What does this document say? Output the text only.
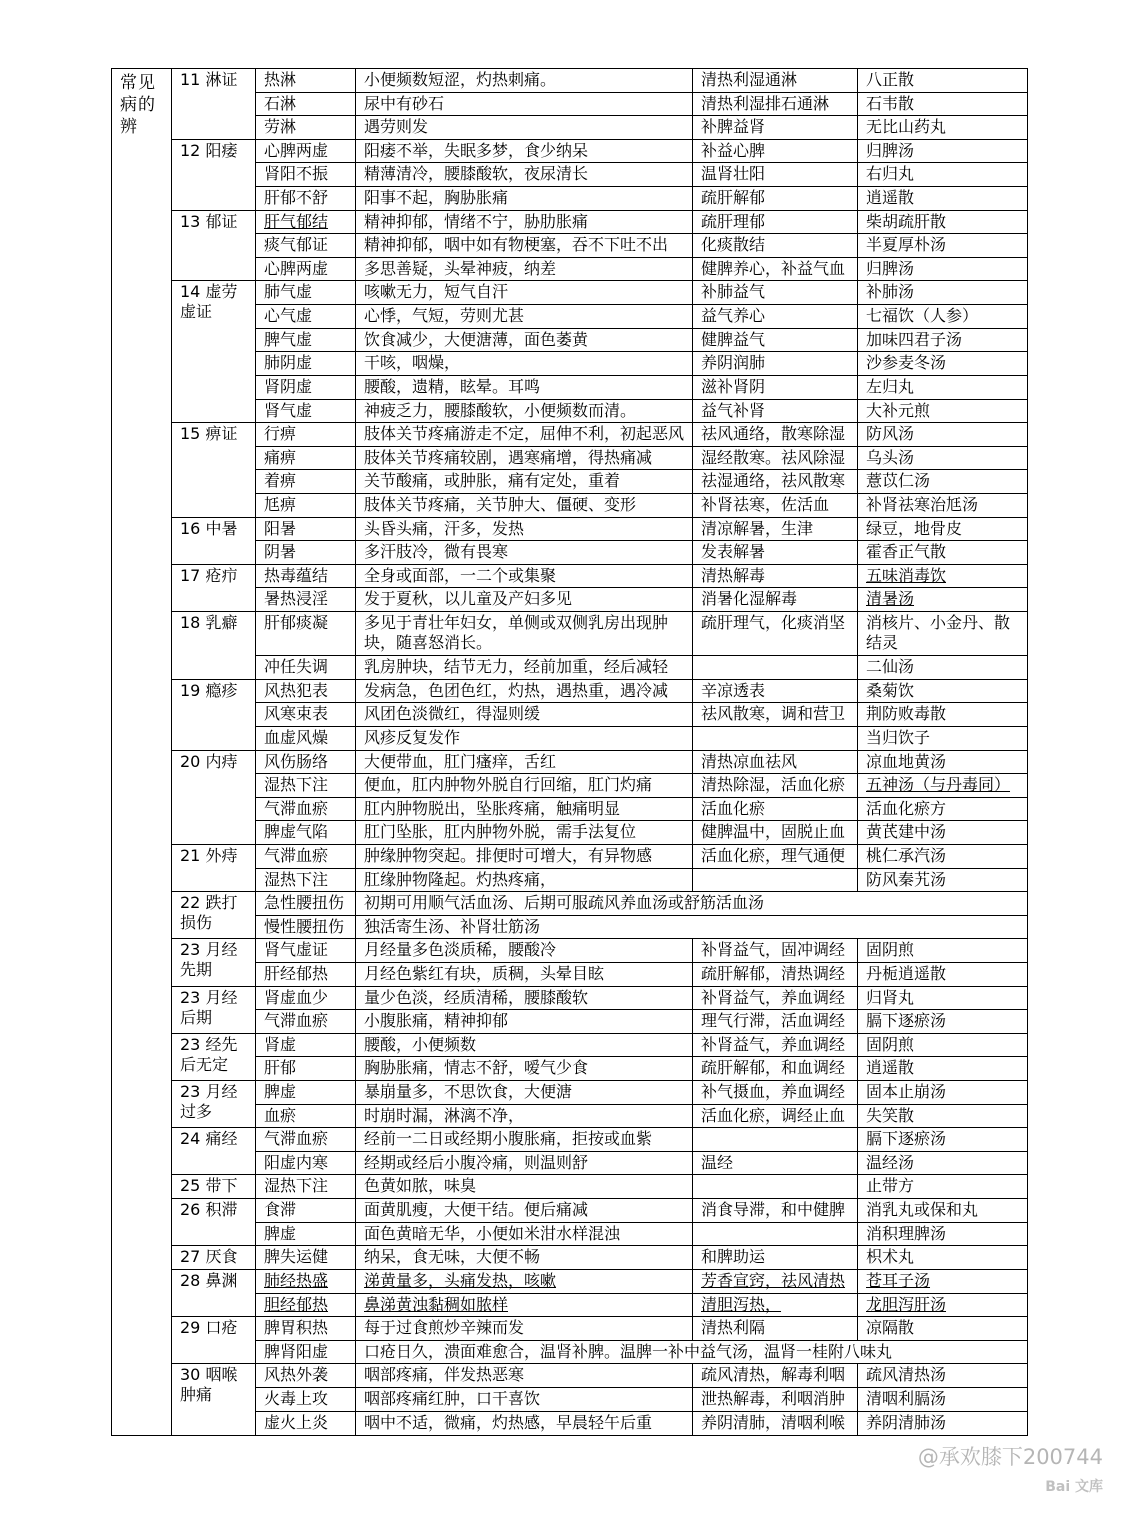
常见病的辨	11 淋证	热淋	小便频数短涩，灼热刺痛。	清热利湿通淋	八正散
		石淋	尿中有砂石	清热利湿排石通淋	石韦散
		劳淋	遇劳则发	补脾益肾	无比山药丸
	12 阳痿	心脾两虚	阳痿不举，失眠多梦，食少纳呆	补益心脾	归脾汤
		肾阳不振	精薄清冷，腰膝酸软，夜尿清长	温肾壮阳	右归丸
		肝郁不舒	阳事不起，胸胁胀痛	疏肝解郁	逍遥散
	13 郁证	肝气郁结	精神抑郁，情绪不宁，胁肋胀痛	疏肝理郁	柴胡疏肝散
		痰气郁证	精神抑郁，咽中如有物梗塞，吞不下吐不出	化痰散结	半夏厚朴汤
		心脾两虚	多思善疑，头晕神疲，纳差	健脾养心，补益气血	归脾汤
	14 虚劳虚证	肺气虚	咳嗽无力，短气自汗	补肺益气	补肺汤
		心气虚	心悸，气短，劳则尤甚	益气养心	七福饮（人参）
		脾气虚	饮食减少，大便溏薄，面色萎黄	健脾益气	加味四君子汤
		肺阴虚	干咳，咽燥，	养阴润肺	沙参麦冬汤
		肾阴虚	腰酸，遗精，眩晕。耳鸣	滋补肾阴	左归丸
		肾气虚	神疲乏力，腰膝酸软，小便频数而清。	益气补肾	大补元煎
	15 痹证	行痹	肢体关节疼痛游走不定，屈伸不利，初起恶风	祛风通络，散寒除湿	防风汤
		痛痹	肢体关节疼痛较剧，遇寒痛增，得热痛减	湿经散寒。祛风除湿	乌头汤
		着痹	关节酸痛，或肿胀，痛有定处，重着	祛湿通络，祛风散寒	薏苡仁汤
		尪痹	肢体关节疼痛，关节肿大、僵硬、变形	补肾祛寒，佐活血	补肾祛寒治尪汤
	16 中暑	阳暑	头昏头痛，汗多，发热	清凉解暑，生津	绿豆，地骨皮
		阴暑	多汗肢冷，微有畏寒	发表解暑	霍香正气散
	17 疮疖	热毒蕴结	全身或面部，一二个或集聚	清热解毒	五味消毒饮
		暑热浸淫	发于夏秋，以儿童及产妇多见	消暑化湿解毒	清暑汤
	18 乳癖	肝郁痰凝	多见于青壮年妇女，单侧或双侧乳房出现肿块，随喜怒消长。	疏肝理气，化痰消坚	消核片、小金丹、散结灵
		冲任失调	乳房肿块，结节无力，经前加重，经后减轻		二仙汤
	19 瘾疹	风热犯表	发病急，色团色红，灼热，遇热重，遇冷减	辛凉透表	桑菊饮
		风寒束表	风团色淡微红，得湿则缓	祛风散寒，调和营卫	荆防败毒散
		血虚风燥	风疹反复发作		当归饮子
	20 内痔	风伤肠络	大便带血，肛门瘙痒，舌红	清热凉血祛风	凉血地黄汤
		湿热下注	便血，肛内肿物外脱自行回缩，肛门灼痛	清热除湿，活血化瘀	五神汤（与丹毒同）
		气滞血瘀	肛内肿物脱出，坠胀疼痛，触痛明显	活血化瘀	活血化瘀方
		脾虚气陷	肛门坠胀，肛内肿物外脱，需手法复位	健脾温中，固脱止血	黄芪建中汤
	21 外痔	气滞血瘀	肿缘肿物突起。排便时可增大，有异物感	活血化瘀，理气通便	桃仁承汽汤
		湿热下注	肛缘肿物隆起。灼热疼痛，		防风秦艽汤
	22 跌打损伤	急性腰扭伤	初期可用顺气活血汤、后期可服疏风养血汤或舒筋活血汤		
		慢性腰扭伤	独活寄生汤、补肾壮筋汤		
	23 月经先期	肾气虚证	月经量多色淡质稀，腰酸冷	补肾益气，固冲调经	固阴煎
		肝经郁热	月经色紫红有块，质稠，头晕目眩	疏肝解郁，清热调经	丹栀逍遥散
	23 月经后期	肾虚血少	量少色淡，经质清稀，腰膝酸软	补肾益气，养血调经	归肾丸
		气滞血瘀	小腹胀痛，精神抑郁	理气行滞，活血调经	膈下逐瘀汤
	23 经先后无定	肾虚	腰酸，小便频数	补肾益气，养血调经	固阴煎
		肝郁	胸胁胀痛，情志不舒，嗳气少食	疏肝解郁，和血调经	逍遥散
	23 月经过多	脾虚	暴崩量多，不思饮食，大便溏	补气摄血，养血调经	固本止崩汤
		血瘀	时崩时漏，淋漓不净，	活血化瘀，调经止血	失笑散
	24 痛经	气滞血瘀	经前一二日或经期小腹胀痛，拒按或血紫		膈下逐瘀汤
		阳虚内寒	经期或经后小腹冷痛，则温则舒	温经	温经汤
	25 带下	湿热下注	色黄如脓，味臭		止带方
	26 积滞	食滞	面黄肌瘦，大便干结。便后痛减	消食导滞，和中健脾	消乳丸或保和丸
		脾虚	面色黄暗无华，小便如米泔水样混浊		消积理脾汤
	27 厌食	脾失运健	纳呆，食无味，大便不畅	和脾助运	枳术丸
	28 鼻渊	肺经热盛	涕黄量多，头痛发热，咳嗽	芳香宣窍，祛风清热	苍耳子汤
		胆经郁热	鼻涕黄浊黏稠如脓样	清胆泻热，	龙胆泻肝汤
	29 口疮	脾胃积热	每于过食煎炒辛辣而发	清热利隔	凉隔散
		脾肾阳虚	口疮日久，溃面难愈合，温肾补脾。温脾一补中益气汤，温肾一桂附八味丸		
	30 咽喉肿痛	风热外袭	咽部疼痛，伴发热恶寒	疏风清热，解毒利咽	疏风清热汤
		火毒上攻	咽部疼痛红肿，口干喜饮	泄热解毒，利咽消肿	清咽利膈汤
		虚火上炎	咽中不适，微痛，灼热感，早晨轻午后重	养阴清肺，清咽利喉	养阴清肺汤
@承欢膝下200744
Bai 文库
